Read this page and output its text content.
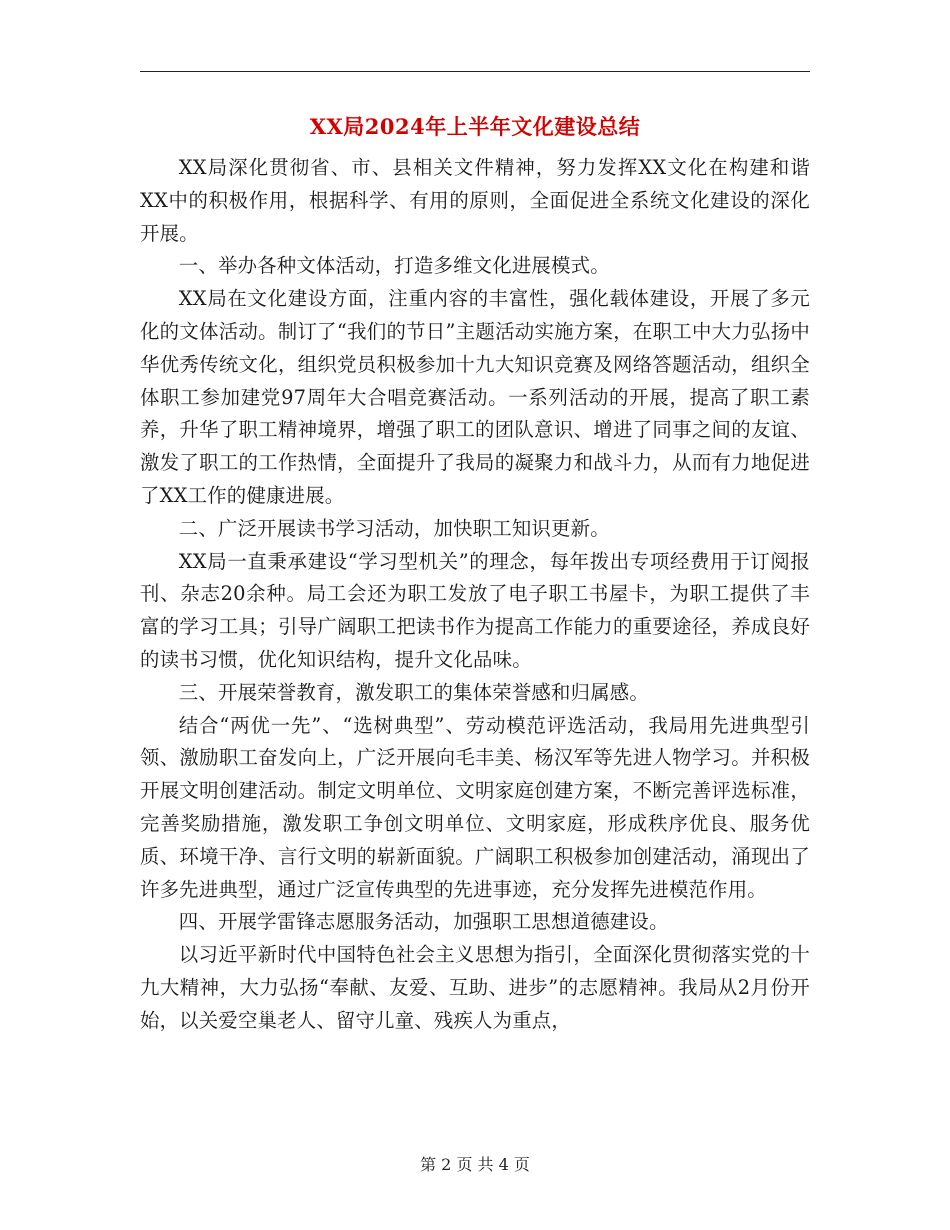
XX局2024年上半年文化建设总结

XX局深化贯彻省、市、县相关文件精神，努力发挥XX文化在构建和谐XX中的积极作用，根据科学、有用的原则，全面促进全系统文化建设的深化开展。

一、举办各种文体活动，打造多维文化进展模式。

XX局在文化建设方面，注重内容的丰富性，强化载体建设，开展了多元化的文体活动。制订了“我们的节日”主题活动实施方案，在职工中大力弘扬中华优秀传统文化，组织党员积极参加十九大知识竞赛及网络答题活动，组织全体职工参加建党97周年大合唱竞赛活动。一系列活动的开展，提高了职工素养，升华了职工精神境界，增强了职工的团队意识、增进了同事之间的友谊、激发了职工的工作热情，全面提升了我局的凝聚力和战斗力，从而有力地促进了XX工作的健康进展。

二、广泛开展读书学习活动，加快职工知识更新。

XX局一直秉承建设“学习型机关”的理念，每年拨出专项经费用于订阅报刊、杂志20余种。局工会还为职工发放了电子职工书屋卡，为职工提供了丰富的学习工具；引导广阔职工把读书作为提高工作能力的重要途径，养成良好的读书习惯，优化知识结构，提升文化品味。

三、开展荣誉教育，激发职工的集体荣誉感和归属感。

结合“两优一先”、“选树典型”、劳动模范评选活动，我局用先进典型引领、激励职工奋发向上，广泛开展向毛丰美、杨汉军等先进人物学习。并积极开展文明创建活动。制定文明单位、文明家庭创建方案，不断完善评选标准，完善奖励措施，激发职工争创文明单位、文明家庭，形成秩序优良、服务优质、环境干净、言行文明的崭新面貌。广阔职工积极参加创建活动，涌现出了许多先进典型，通过广泛宣传典型的先进事迹，充分发挥先进模范作用。

四、开展学雷锋志愿服务活动，加强职工思想道德建设。

以习近平新时代中国特色社会主义思想为指引，全面深化贯彻落实党的十九大精神，大力弘扬“奉献、友爱、互助、进步”的志愿精神。我局从2月份开始，以关爱空巢老人、留守儿童、残疾人为重点，

第 2 页 共 4 页
